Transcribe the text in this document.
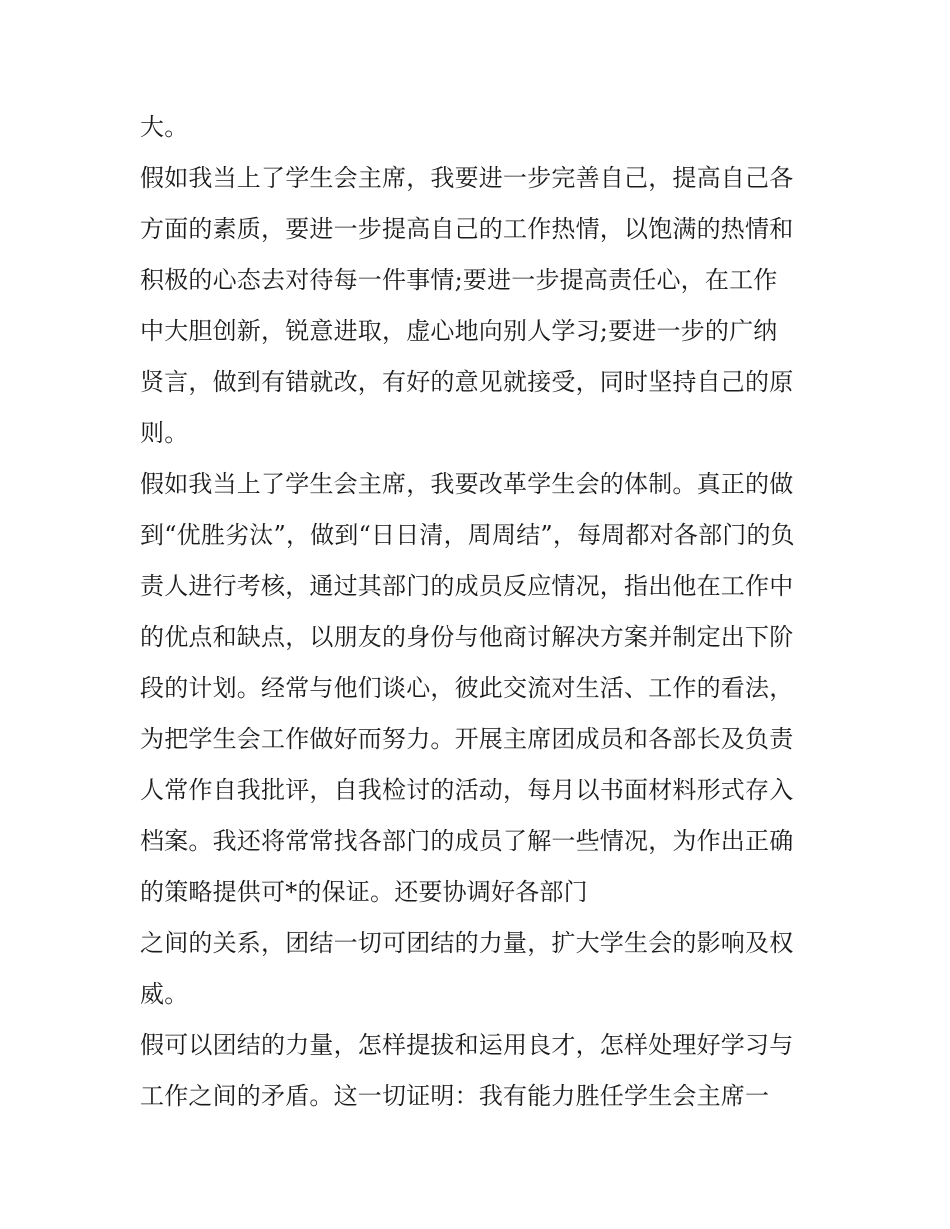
大。
假如我当上了学生会主席，我要进一步完善自己，提高自己各
方面的素质，要进一步提高自己的工作热情，以饱满的热情和
积极的心态去对待每一件事情;要进一步提高责任心，在工作
中大胆创新，锐意进取，虚心地向别人学习;要进一步的广纳
贤言，做到有错就改，有好的意见就接受，同时坚持自己的原
则。
假如我当上了学生会主席，我要改革学生会的体制。真正的做
到“优胜劣汰”，做到“日日清，周周结”，每周都对各部门的负
责人进行考核，通过其部门的成员反应情况，指出他在工作中
的优点和缺点，以朋友的身份与他商讨解决方案并制定出下阶
段的计划。经常与他们谈心，彼此交流对生活、工作的看法，
为把学生会工作做好而努力。开展主席团成员和各部长及负责
人常作自我批评，自我检讨的活动，每月以书面材料形式存入
档案。我还将常常找各部门的成员了解一些情况，为作出正确
的策略提供可*的保证。还要协调好各部门
之间的关系，团结一切可团结的力量，扩大学生会的影响及权
威。
假可以团结的力量，怎样提拔和运用良才，怎样处理好学习与
工作之间的矛盾。这一切证明：我有能力胜任学生会主席一
